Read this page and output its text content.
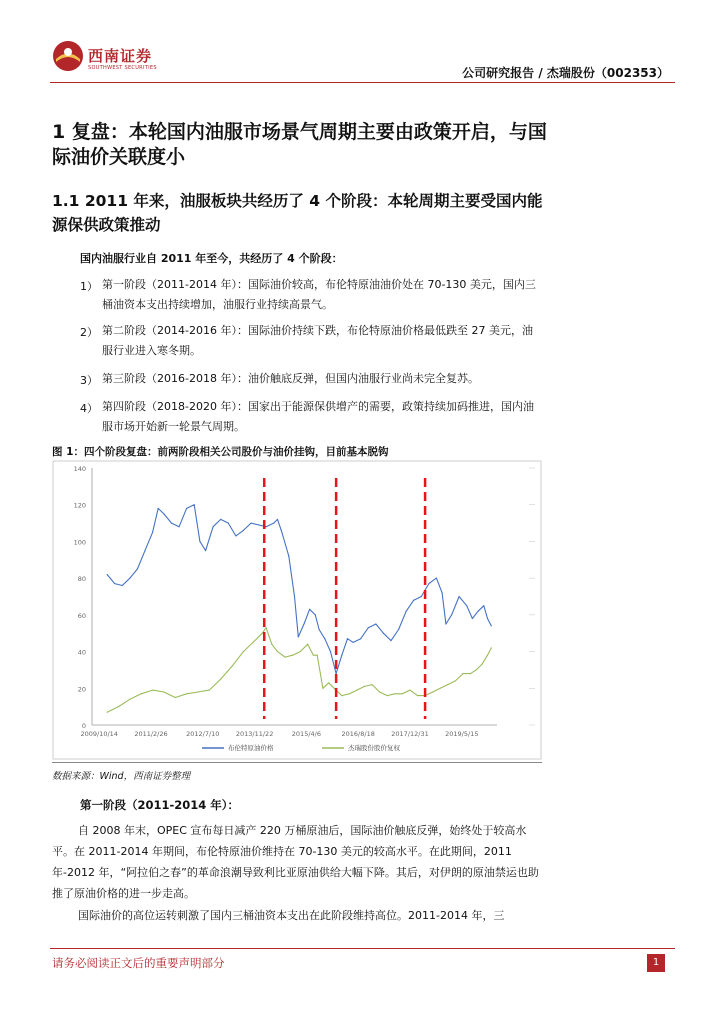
西南证券
SOUTHWEST SECURITIES	公司研究报告 / 杰瑞股份（002353）
1 复盘：本轮国内油服市场景气周期主要由政策开启，与国际油价关联度小
1.1 2011 年来，油服板块共经历了 4 个阶段：本轮周期主要受国内能源保供政策推动
国内油服行业自 2011 年至今，共经历了 4 个阶段：
1） 第一阶段（2011-2014 年）：国际油价较高，布伦特原油油价处在 70-130 美元，国内三桶油资本支出持续增加，油服行业持续高景气。
2） 第二阶段（2014-2016 年）：国际油价持续下跌，布伦特原油价格最低跌至 27 美元，油服行业进入寒冬期。
3） 第三阶段（2016-2018 年）：油价触底反弹，但国内油服行业尚未完全复苏。
4） 第四阶段（2018-2020 年）：国家出于能源保供增产的需要，政策持续加码推进，国内油服市场开始新一轮景气周期。
图 1：四个阶段复盘：前两阶段相关公司股价与油价挂钩，目前基本脱钩
0
20
40
60
80
100
120
140
2009/10/14	2011/2/26	2012/7/10	2013/11/22	2015/4/6	2016/8/18	2017/12/31	2019/5/15
布伦特原油价格	杰瑞股份股价复权
数据来源：Wind，西南证券整理
第一阶段（2011-2014 年）：
自 2008 年末，OPEC 宣布每日减产 220 万桶原油后，国际油价触底反弹，始终处于较高水平。在 2011-2014 年期间，布伦特原油价维持在 70-130 美元的较高水平。在此期间，2011 年-2012 年，“阿拉伯之春”的革命浪潮导致利比亚原油供给大幅下降。其后，对伊朗的原油禁运也助推了原油价格的进一步走高。
国际油价的高位运转刺激了国内三桶油资本支出在此阶段维持高位。2011-2014 年，三
请务必阅读正文后的重要声明部分	1
